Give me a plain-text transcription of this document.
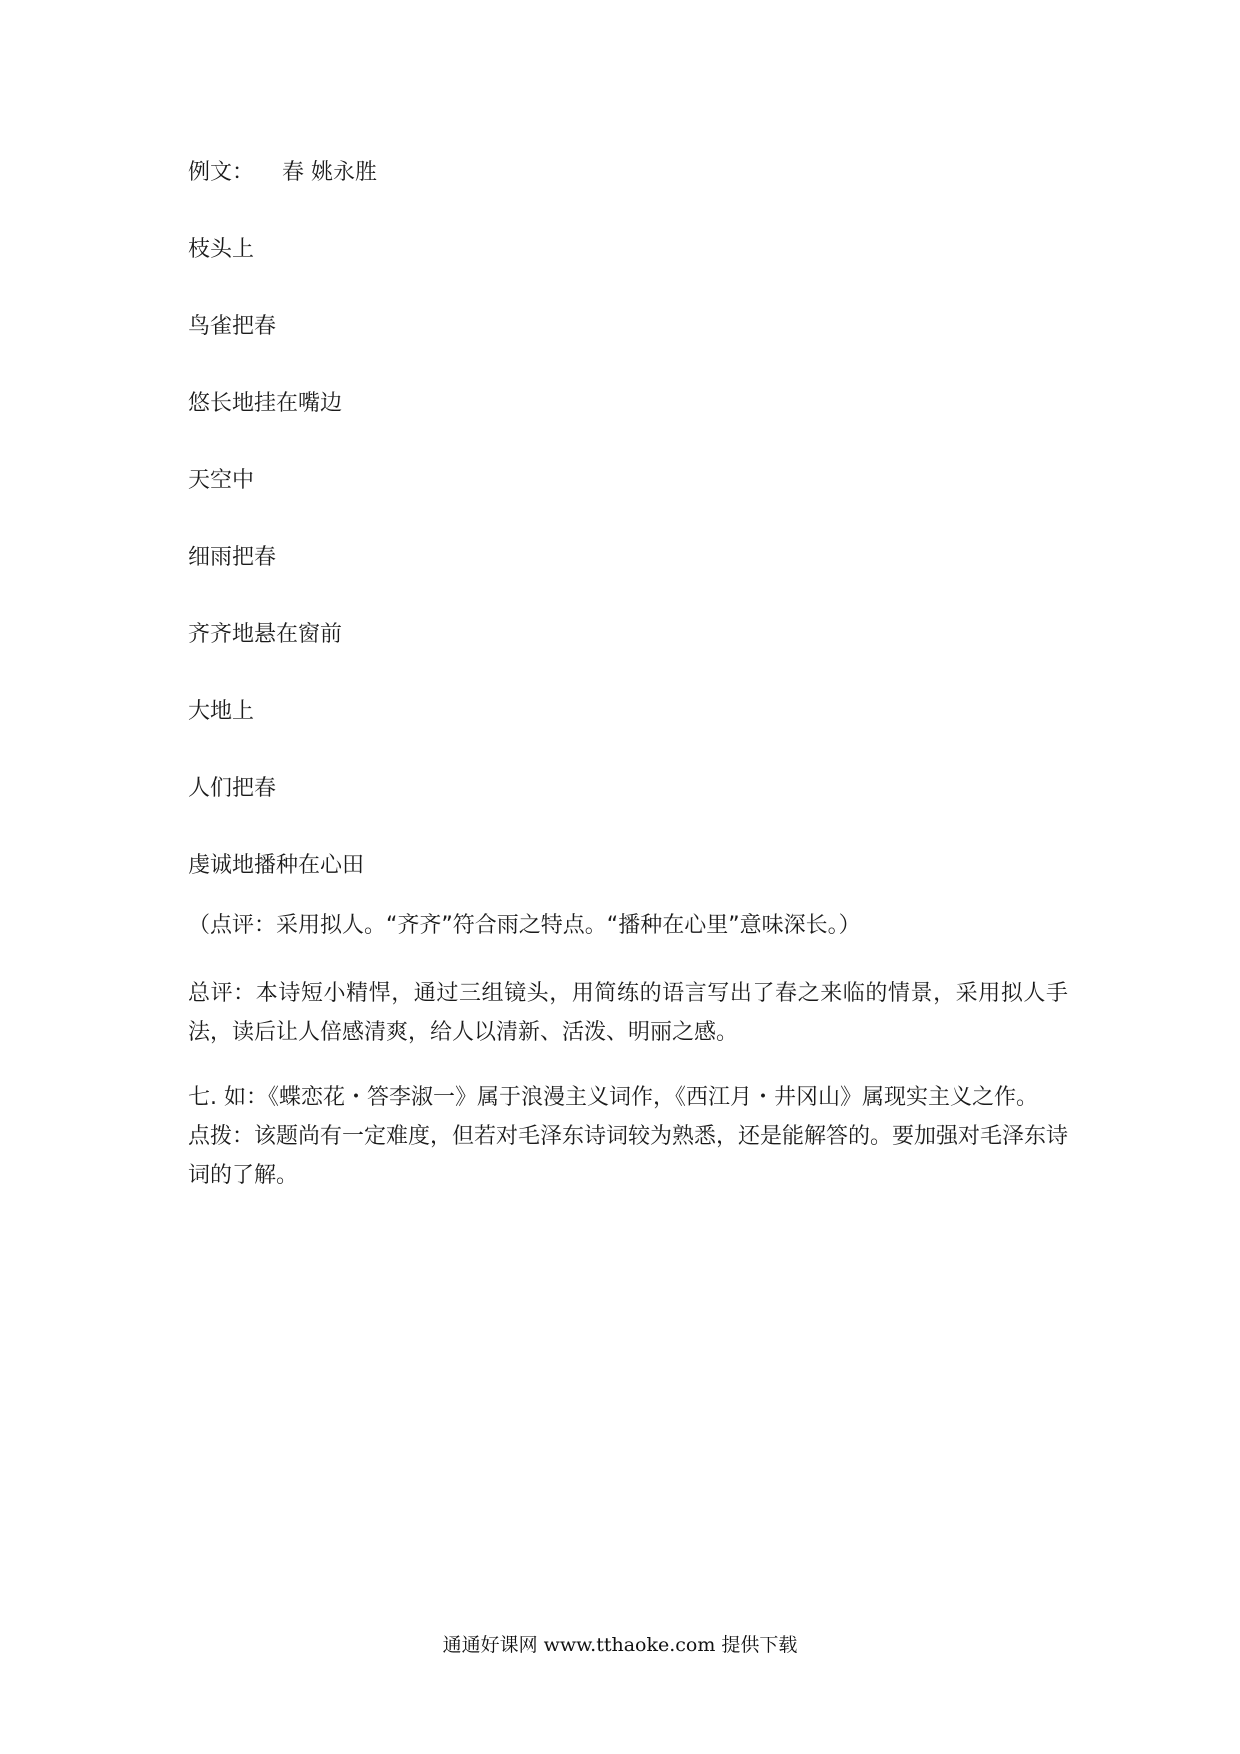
例文： 春 姚永胜

枝头上

鸟雀把春

悠长地挂在嘴边

天空中

细雨把春

齐齐地悬在窗前

大地上

人们把春

虔诚地播种在心田

（点评：采用拟人。“齐齐”符合雨之特点。“播种在心里”意味深长。）

总评：本诗短小精悍，通过三组镜头，用简练的语言写出了春之来临的情景，采用拟人手法，读后让人倍感清爽，给人以清新、活泼、明丽之感。

七. 如：《蝶恋花・答李淑一》属于浪漫主义词作，《西江月・井冈山》属现实主义之作。

点拨：该题尚有一定难度，但若对毛泽东诗词较为熟悉，还是能解答的。要加强对毛泽东诗词的了解。

通通好课网 www.tthaoke.com 提供下载
